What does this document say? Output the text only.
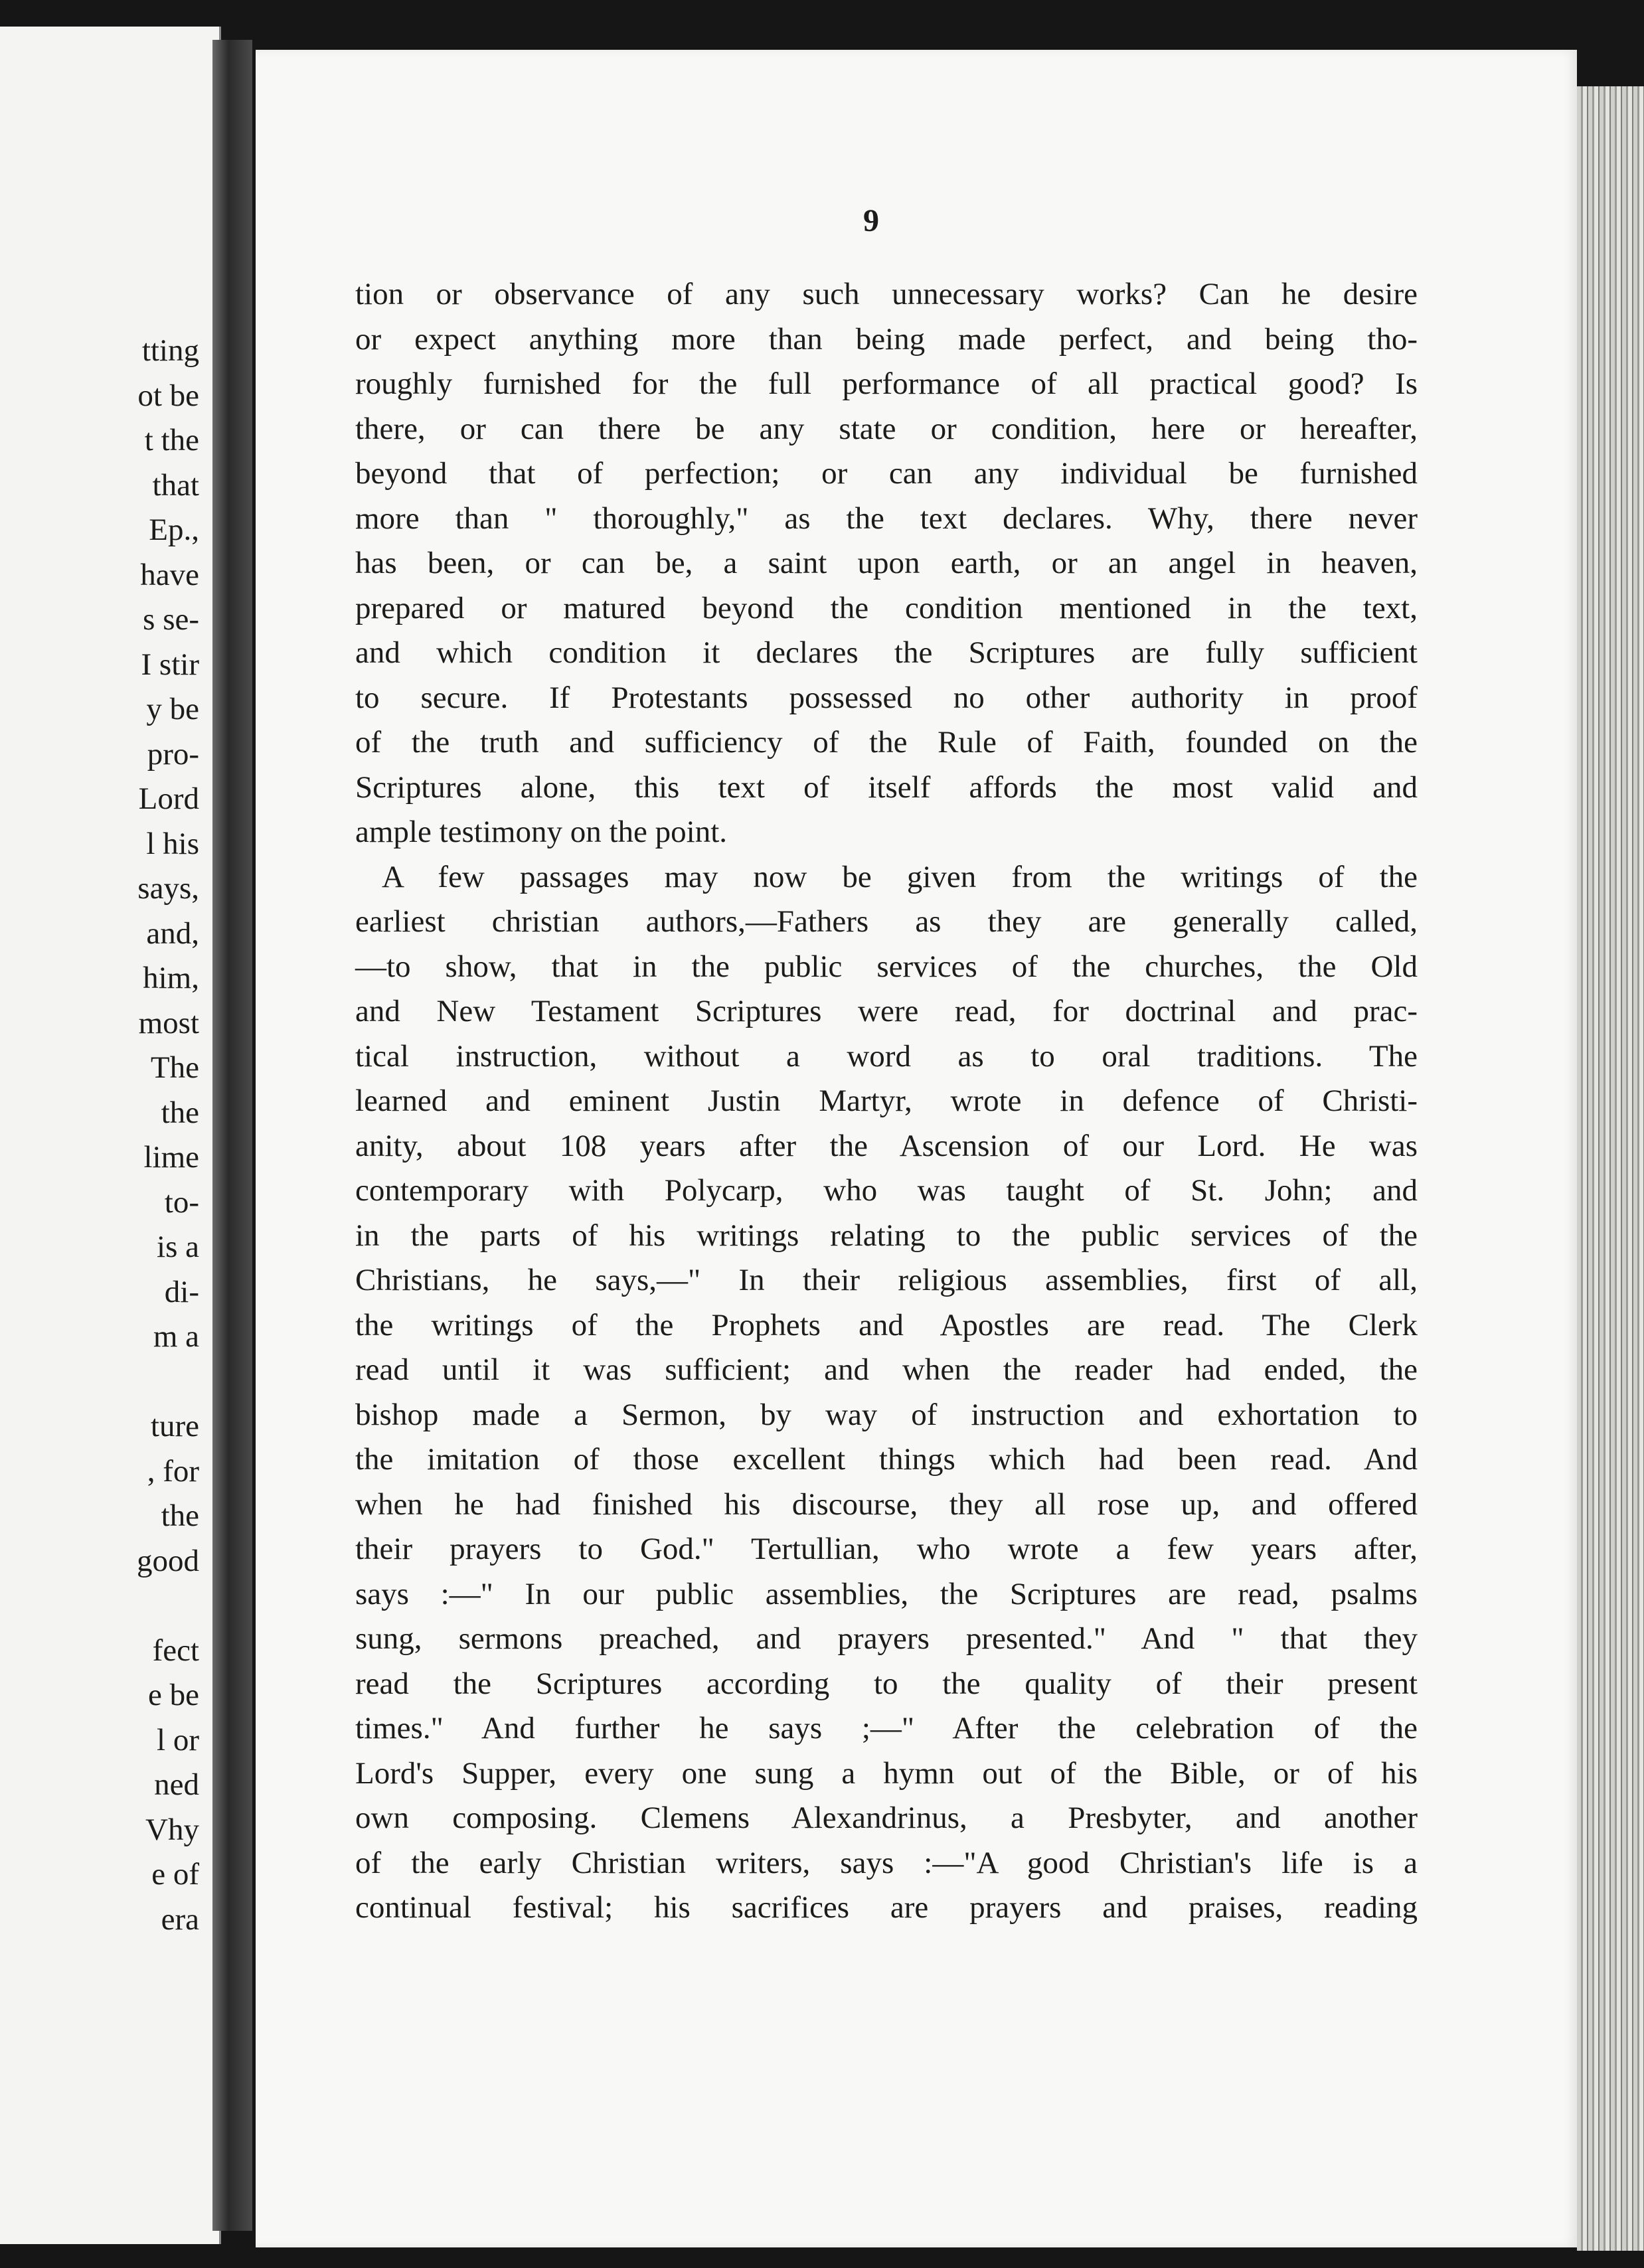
tting
ot be
t the
that
Ep.,
have
s se-
I stir
y be
pro-
Lord
l his
says,
and,
him,
most
The
the
lime
to-
is a
di-
m a
ture
, for
the
good
fect
e be
l or
ned
Vhy
e of
era
9
tion or observance of any such unnecessary works? Can he desire
or expect anything more than being made perfect, and being tho-
roughly furnished for the full performance of all practical good? Is
there, or can there be any state or condition, here or hereafter,
beyond that of perfection; or can any individual be furnished
more than " thoroughly," as the text declares. Why, there never
has been, or can be, a saint upon earth, or an angel in heaven,
prepared or matured beyond the condition mentioned in the text,
and which condition it declares the Scriptures are fully sufficient
to secure. If Protestants possessed no other authority in proof
of the truth and sufficiency of the Rule of Faith, founded on the
Scriptures alone, this text of itself affords the most valid and
ample testimony on the point.
A few passages may now be given from the writings of the
earliest christian authors,—Fathers as they are generally called,
—to show, that in the public services of the churches, the Old
and New Testament Scriptures were read, for doctrinal and prac-
tical instruction, without a word as to oral traditions. The
learned and eminent Justin Martyr, wrote in defence of Christi-
anity, about 108 years after the Ascension of our Lord. He was
contemporary with Polycarp, who was taught of St. John; and
in the parts of his writings relating to the public services of the
Christians, he says,—" In their religious assemblies, first of all,
the writings of the Prophets and Apostles are read. The Clerk
read until it was sufficient; and when the reader had ended, the
bishop made a Sermon, by way of instruction and exhortation to
the imitation of those excellent things which had been read. And
when he had finished his discourse, they all rose up, and offered
their prayers to God." Tertullian, who wrote a few years after,
says :—" In our public assemblies, the Scriptures are read, psalms
sung, sermons preached, and prayers presented." And " that they
read the Scriptures according to the quality of their present
times." And further he says ;—" After the celebration of the
Lord's Supper, every one sung a hymn out of the Bible, or of his
own composing. Clemens Alexandrinus, a Presbyter, and another
of the early Christian writers, says :—"A good Christian's life is a
continual festival; his sacrifices are prayers and praises, reading
